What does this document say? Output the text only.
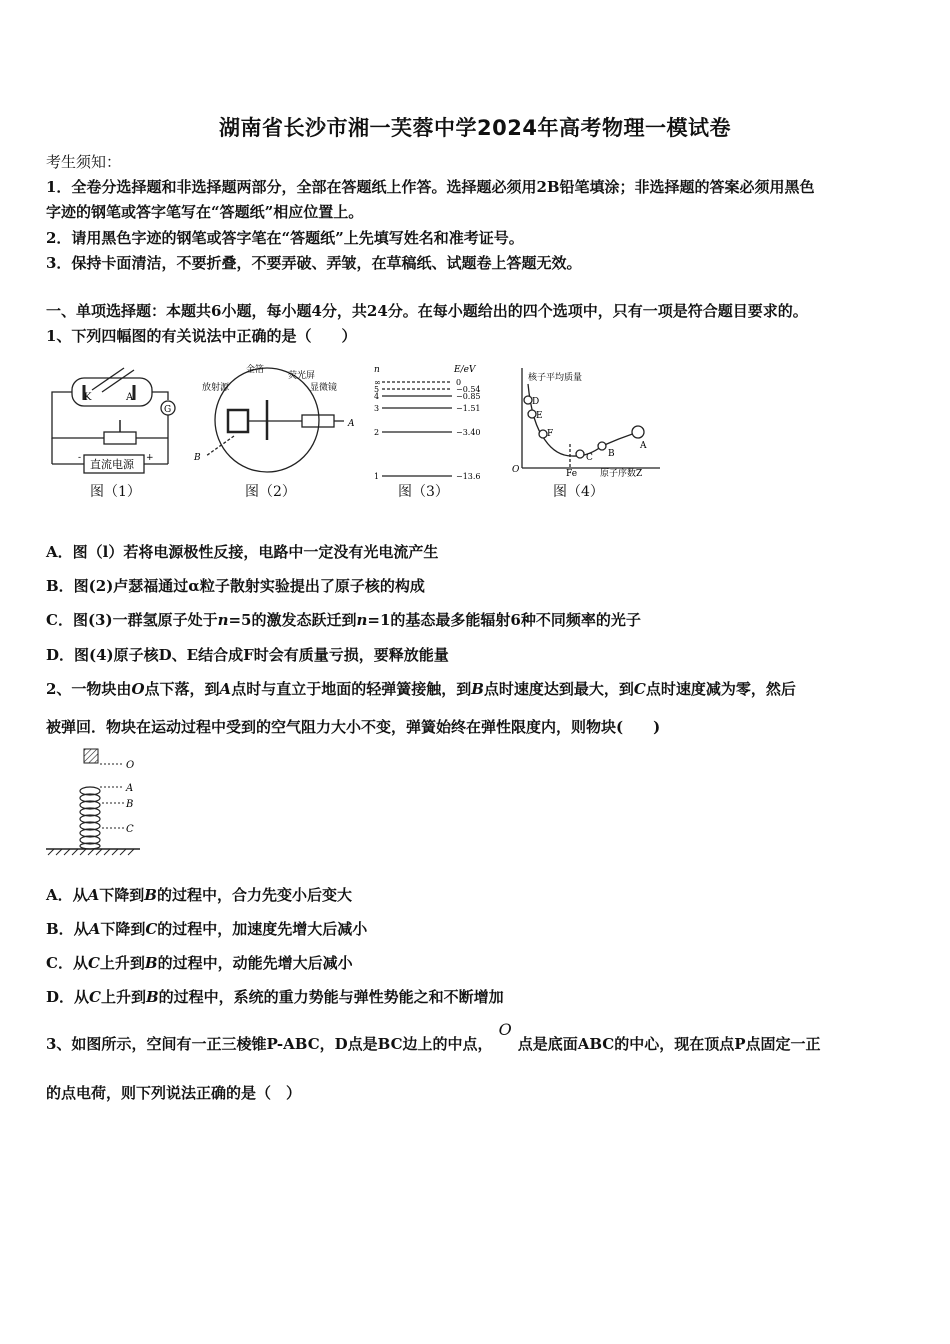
湖南省长沙市湘一芙蓉中学2024年高考物理一模试卷
考生须知：
1．全卷分选择题和非选择题两部分，全部在答题纸上作答。选择题必须用2B铅笔填涂；非选择题的答案必须用黑色
字迹的钢笔或答字笔写在“答题纸”相应位置上。
2．请用黑色字迹的钢笔或答字笔在“答题纸”上先填写姓名和准考证号。
3．保持卡面清洁，不要折叠，不要弄破、弄皱，在草稿纸、试题卷上答题无效。
一、单项选择题：本题共6小题，每小题4分，共24分。在每小题给出的四个选项中，只有一项是符合题目要求的。
1、下列四幅图的有关说法中正确的是（　　）
K	A
G
直流电源 +
-
图（1）
放射源
金箔
荧光屏
显微镜
A
B
图（2）
n	E/eV
∞	0
5	−0.54
4	−0.85
3	−1.51
2	−3.40
1	−13.6
图（3）
核子平均质量
原子序数Z
O	Fe
D
E
F
C B
A
图（4）
A．图（l）若将电源极性反接，电路中一定没有光电流产生
B．图(2)卢瑟福通过α粒子散射实验提出了原子核的构成
C．图(3)一群氢原子处于n=5的激发态跃迁到n=1的基态最多能辐射6种不同频率的光子
D．图(4)原子核D、E结合成F时会有质量亏损，要释放能量
2、一物块由O点下落，到A点时与直立于地面的轻弹簧接触，到B点时速度达到最大，到C点时速度减为零，然后
被弹回．物块在运动过程中受到的空气阻力大小不变，弹簧始终在弹性限度内，则物块(　　)
O
A
B
C
A．从A下降到B的过程中，合力先变小后变大
B．从A下降到C的过程中，加速度先增大后减小
C．从C上升到B的过程中，动能先增大后减小
D．从C上升到B的过程中，系统的重力势能与弹性势能之和不断增加
3、如图所示，空间有一正三棱锥P-ABC，D点是BC边上的中点，O点是底面ABC的中心，现在顶点P点固定一正
的点电荷，则下列说法正确的是（　）
